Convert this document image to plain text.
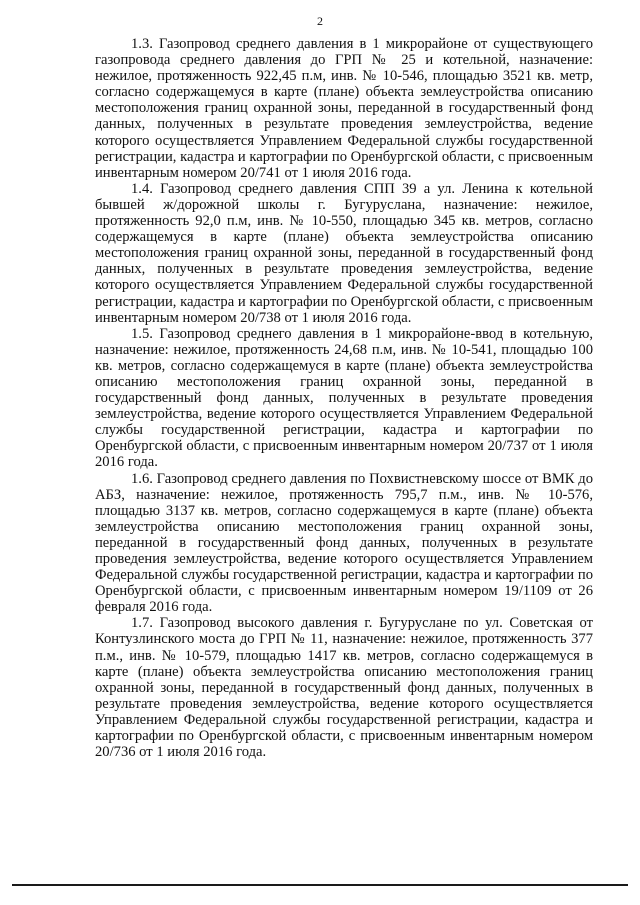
2

1.3. Газопровод среднего давления в 1 микрорайоне от существующего газопровода среднего давления до ГРП № 25 и котельной, назначение: нежилое, протяженность 922,45 п.м, инв. № 10-546, площадью 3521 кв. метр, согласно содержащемуся в карте (плане) объекта землеустройства описанию местоположения границ охранной зоны, переданной в государственный фонд данных, полученных в результате проведения землеустройства, ведение которого осуществляется Управлением Федеральной службы государственной регистрации, кадастра и картографии по Оренбургской области, с присвоенным инвентарным номером 20/741 от 1 июля 2016 года.

1.4. Газопровод среднего давления СПП 39 а ул. Ленина к котельной бывшей ж/дорожной школы г. Бугуруслана, назначение: нежилое, протяженность 92,0 п.м, инв. № 10-550, площадью 345 кв. метров, согласно содержащемуся в карте (плане) объекта землеустройства описанию местоположения границ охранной зоны, переданной в государственный фонд данных, полученных в результате проведения землеустройства, ведение которого осуществляется Управлением Федеральной службы государственной регистрации, кадастра и картографии по Оренбургской области, с присвоенным инвентарным номером 20/738 от 1 июля 2016 года.

1.5. Газопровод среднего давления в 1 микрорайоне-ввод в котельную, назначение: нежилое, протяженность 24,68 п.м, инв. № 10-541, площадью 100 кв. метров, согласно содержащемуся в карте (плане) объекта землеустройства описанию местоположения границ охранной зоны, переданной в государственный фонд данных, полученных в результате проведения землеустройства, ведение которого осуществляется Управлением Федеральной службы государственной регистрации, кадастра и картографии по Оренбургской области, с присвоенным инвентарным номером 20/737 от 1 июля 2016 года.

1.6. Газопровод среднего давления по Похвистневскому шоссе от ВМК до АБЗ, назначение: нежилое, протяженность 795,7 п.м., инв. № 10-576, площадью 3137 кв. метров, согласно содержащемуся в карте (плане) объекта землеустройства описанию местоположения границ охранной зоны, переданной в государственный фонд данных, полученных в результате проведения землеустройства, ведение которого осуществляется Управлением Федеральной службы государственной регистрации, кадастра и картографии по Оренбургской области, с присвоенным инвентарным номером 19/1109 от 26 февраля 2016 года.

1.7. Газопровод высокого давления г. Бугуруслане по ул. Советская от Контузлинского моста до ГРП № 11, назначение: нежилое, протяженность 377 п.м., инв. № 10-579, площадью 1417 кв. метров, согласно содержащемуся в карте (плане) объекта землеустройства описанию местоположения границ охранной зоны, переданной в государственный фонд данных, полученных в результате проведения землеустройства, ведение которого осуществляется Управлением Федеральной службы государственной регистрации, кадастра и картографии по Оренбургской области, с присвоенным инвентарным номером 20/736 от 1 июля 2016 года.
